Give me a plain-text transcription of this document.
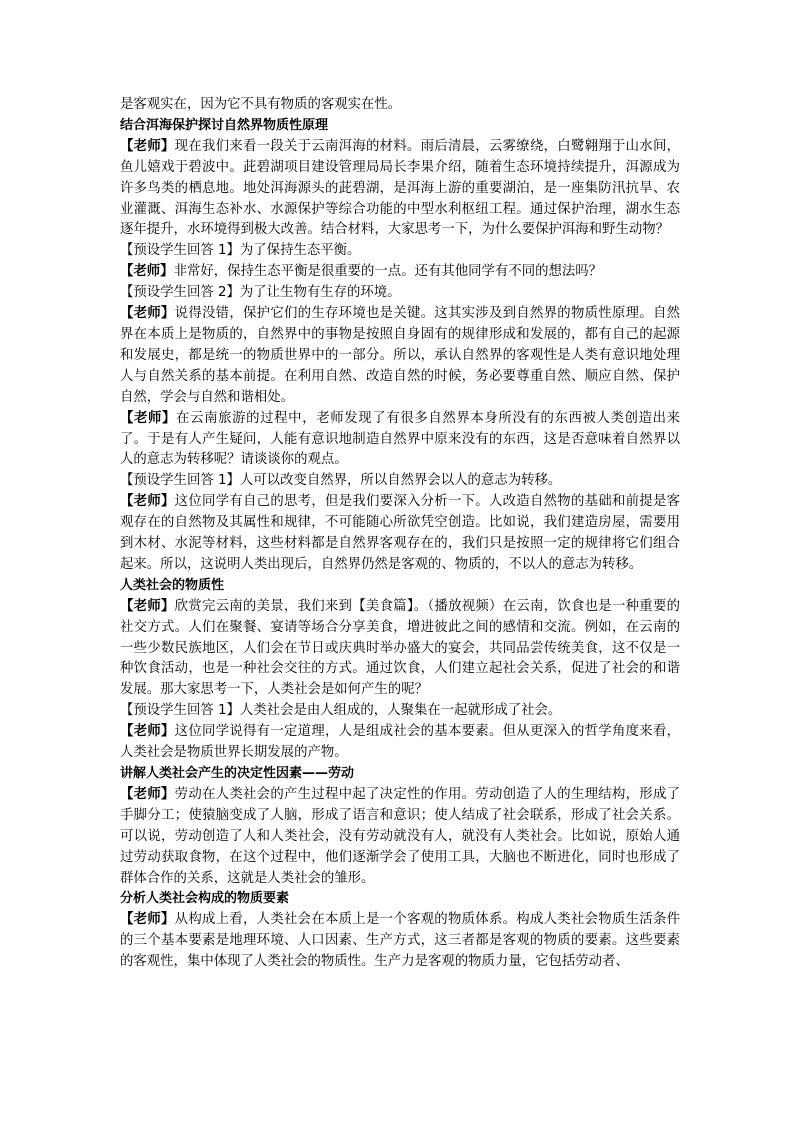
是客观实在，因为它不具有物质的客观实在性。

结合洱海保护探讨自然界物质性原理

【老师】现在我们来看一段关于云南洱海的材料。雨后清晨，云雾缭绕，白鹭翱翔于山水间，鱼儿嬉戏于碧波中。茈碧湖项目建设管理局局长李果介绍，随着生态环境持续提升，洱源成为许多鸟类的栖息地。地处洱海源头的茈碧湖，是洱海上游的重要湖泊，是一座集防汛抗旱、农业灌溉、洱海生态补水、水源保护等综合功能的中型水利枢纽工程。通过保护治理，湖水生态逐年提升，水环境得到极大改善。结合材料，大家思考一下，为什么要保护洱海和野生动物？

【预设学生回答 1】为了保持生态平衡。

【老师】非常好，保持生态平衡是很重要的一点。还有其他同学有不同的想法吗？

【预设学生回答 2】为了让生物有生存的环境。

【老师】说得没错，保护它们的生存环境也是关键。这其实涉及到自然界的物质性原理。自然界在本质上是物质的，自然界中的事物是按照自身固有的规律形成和发展的，都有自己的起源和发展史，都是统一的物质世界中的一部分。所以，承认自然界的客观性是人类有意识地处理人与自然关系的基本前提。在利用自然、改造自然的时候，务必要尊重自然、顺应自然、保护自然，学会与自然和谐相处。

【老师】在云南旅游的过程中，老师发现了有很多自然界本身所没有的东西被人类创造出来了。于是有人产生疑问，人能有意识地制造自然界中原来没有的东西，这是否意味着自然界以人的意志为转移呢？请谈谈你的观点。

【预设学生回答 1】人可以改变自然界，所以自然界会以人的意志为转移。

【老师】这位同学有自己的思考，但是我们要深入分析一下。人改造自然物的基础和前提是客观存在的自然物及其属性和规律，不可能随心所欲凭空创造。比如说，我们建造房屋，需要用到木材、水泥等材料，这些材料都是自然界客观存在的，我们只是按照一定的规律将它们组合起来。所以，这说明人类出现后，自然界仍然是客观的、物质的，不以人的意志为转移。

人类社会的物质性

【老师】欣赏完云南的美景，我们来到【美食篇】。（播放视频）在云南，饮食也是一种重要的社交方式。人们在聚餐、宴请等场合分享美食，增进彼此之间的感情和交流。例如，在云南的一些少数民族地区，人们会在节日或庆典时举办盛大的宴会，共同品尝传统美食，这不仅是一种饮食活动，也是一种社会交往的方式。通过饮食，人们建立起社会关系，促进了社会的和谐发展。那大家思考一下，人类社会是如何产生的呢？

【预设学生回答 1】人类社会是由人组成的，人聚集在一起就形成了社会。

【老师】这位同学说得有一定道理，人是组成社会的基本要素。但从更深入的哲学角度来看，人类社会是物质世界长期发展的产物。

讲解人类社会产生的决定性因素——劳动

【老师】劳动在人类社会的产生过程中起了决定性的作用。劳动创造了人的生理结构，形成了手脚分工；使猿脑变成了人脑，形成了语言和意识；使人结成了社会联系，形成了社会关系。可以说，劳动创造了人和人类社会，没有劳动就没有人，就没有人类社会。比如说，原始人通过劳动获取食物，在这个过程中，他们逐渐学会了使用工具，大脑也不断进化，同时也形成了群体合作的关系，这就是人类社会的雏形。

分析人类社会构成的物质要素

【老师】从构成上看，人类社会在本质上是一个客观的物质体系。构成人类社会物质生活条件的三个基本要素是地理环境、人口因素、生产方式，这三者都是客观的物质的要素。这些要素的客观性，集中体现了人类社会的物质性。生产力是客观的物质力量，它包括劳动者、
